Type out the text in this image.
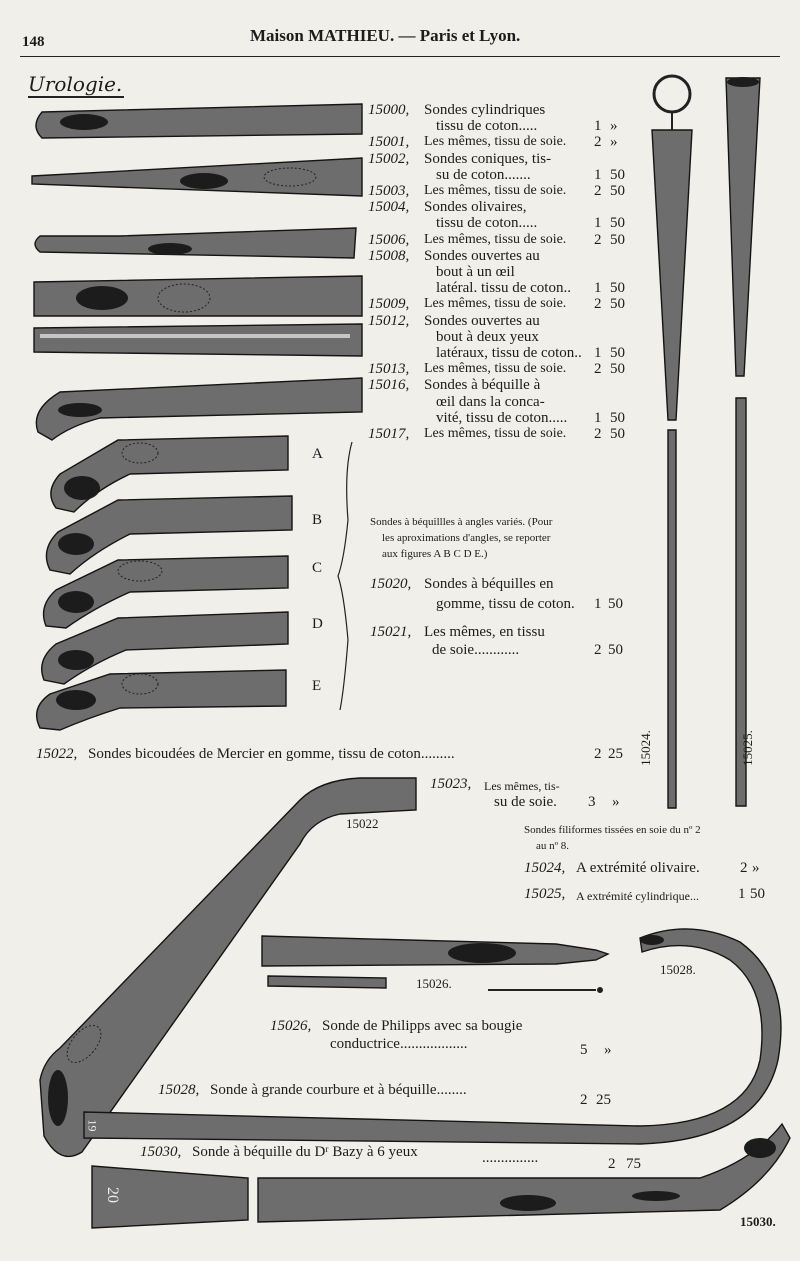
148	Maison MATHIEU. — Paris et Lyon.
Urologie.
15000, Sondes cylindriques
tissu de coton.....	1 »
15001, Les mêmes, tissu de soie. 2 »
15002, Sondes coniques, tis-
su de coton.......	1 50
15003, Les mêmes, tissu de soie. 2 50
15004, Sondes olivaires,
tissu de coton.....	1 50
15006, Les mêmes, tissu de soie. 2 50
15008, Sondes ouvertes au
bout à un œil
latéral. tissu de coton.. 1 50
15009, Les mêmes, tissu de soie. 2 50
15012, Sondes ouvertes au
bout à deux yeux
latéraux, tissu de coton.. 1 50
15013, Les mêmes, tissu de soie. 2 50
15016, Sondes à béquille à
œil dans la conca-
vité, tissu de coton..... 1 50
15017, Les mêmes, tissu de soie. 2 50
A
B
C
D
E
Sondes à béquillles à angles variés. (Pour
les aproximations d'angles, se reporter
aux figures A B C D E.)
15020, Sondes à béquilles en
gomme, tissu de coton. 1 50
15021, Les mêmes, en tissu
de soie............	2 50
15022, Sondes bicoudées de Mercier en gomme, tissu de coton.........	2 25
15022
15023, Les mêmes, tis-
su de soie. 3 »
Sondes filiformes tissées en soie du nº 2
au nº 8.
15024, A extrémité olivaire.	2 »
15025, A extrémité cylindrique...	1 50
15024.	15025.
15026.
15026, Sonde de Philipps avec sa bougie
conductrice..................	5 »
15028.
15028, Sonde à grande courbure et à béquille........
2 25
15030, Sonde à béquille du Dʳ Bazy à 6 yeux	...............	2 75
15030.
19
20
